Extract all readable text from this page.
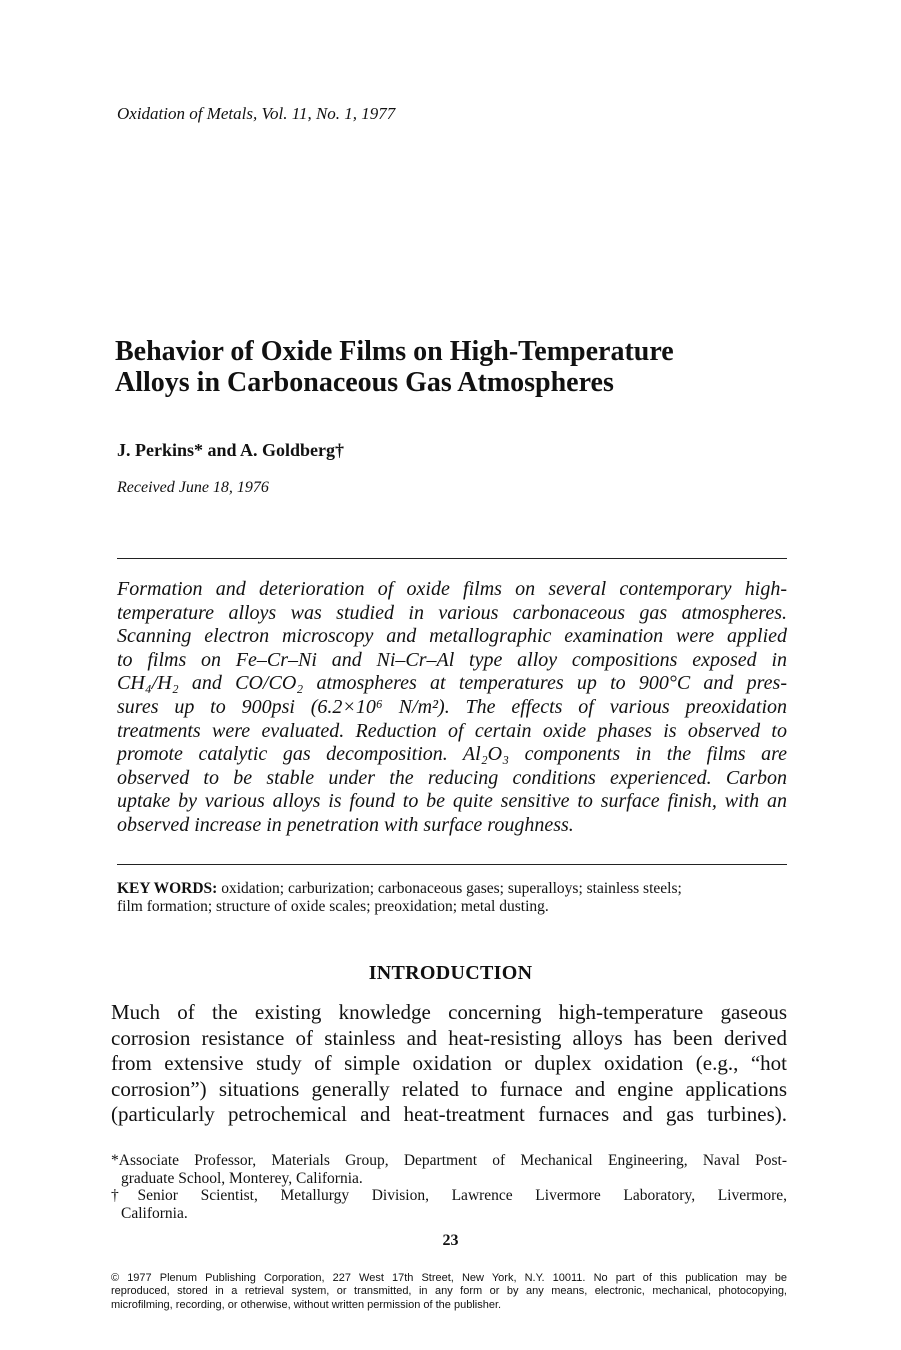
Oxidation of Metals, Vol. 11, No. 1, 1977
Behavior of Oxide Films on High-Temperature
Alloys in Carbonaceous Gas Atmospheres
J. Perkins* and A. Goldberg†
Received June 18, 1976
Formation and deterioration of oxide films on several contemporary high-
temperature alloys was studied in various carbonaceous gas atmospheres.
Scanning electron microscopy and metallographic examination were applied
to films on Fe–Cr–Ni and Ni–Cr–Al type alloy compositions exposed in
CH₄/H₂ and CO/CO₂ atmospheres at temperatures up to 900°C and pres-
sures up to 900psi (6.2×10⁶ N/m²). The effects of various preoxidation
treatments were evaluated. Reduction of certain oxide phases is observed to
promote catalytic gas decomposition. Al₂O₃ components in the films are
observed to be stable under the reducing conditions experienced. Carbon
uptake by various alloys is found to be quite sensitive to surface finish, with an
observed increase in penetration with surface roughness.
KEY WORDS: oxidation; carburization; carbonaceous gases; superalloys; stainless steels;
film formation; structure of oxide scales; preoxidation; metal dusting.
INTRODUCTION
Much of the existing knowledge concerning high-temperature gaseous
corrosion resistance of stainless and heat-resisting alloys has been derived
from extensive study of simple oxidation or duplex oxidation (e.g., “hot
corrosion”) situations generally related to furnace and engine applications
(particularly petrochemical and heat-treatment furnaces and gas turbines).
*Associate Professor, Materials Group, Department of Mechanical Engineering, Naval Post-
graduate School, Monterey, California.
†Senior Scientist, Metallurgy Division, Lawrence Livermore Laboratory, Livermore,
California.
23
© 1977 Plenum Publishing Corporation, 227 West 17th Street, New York, N.Y. 10011. No part of this publication may be
reproduced, stored in a retrieval system, or transmitted, in any form or by any means, electronic, mechanical, photocopying,
microfilming, recording, or otherwise, without written permission of the publisher.
